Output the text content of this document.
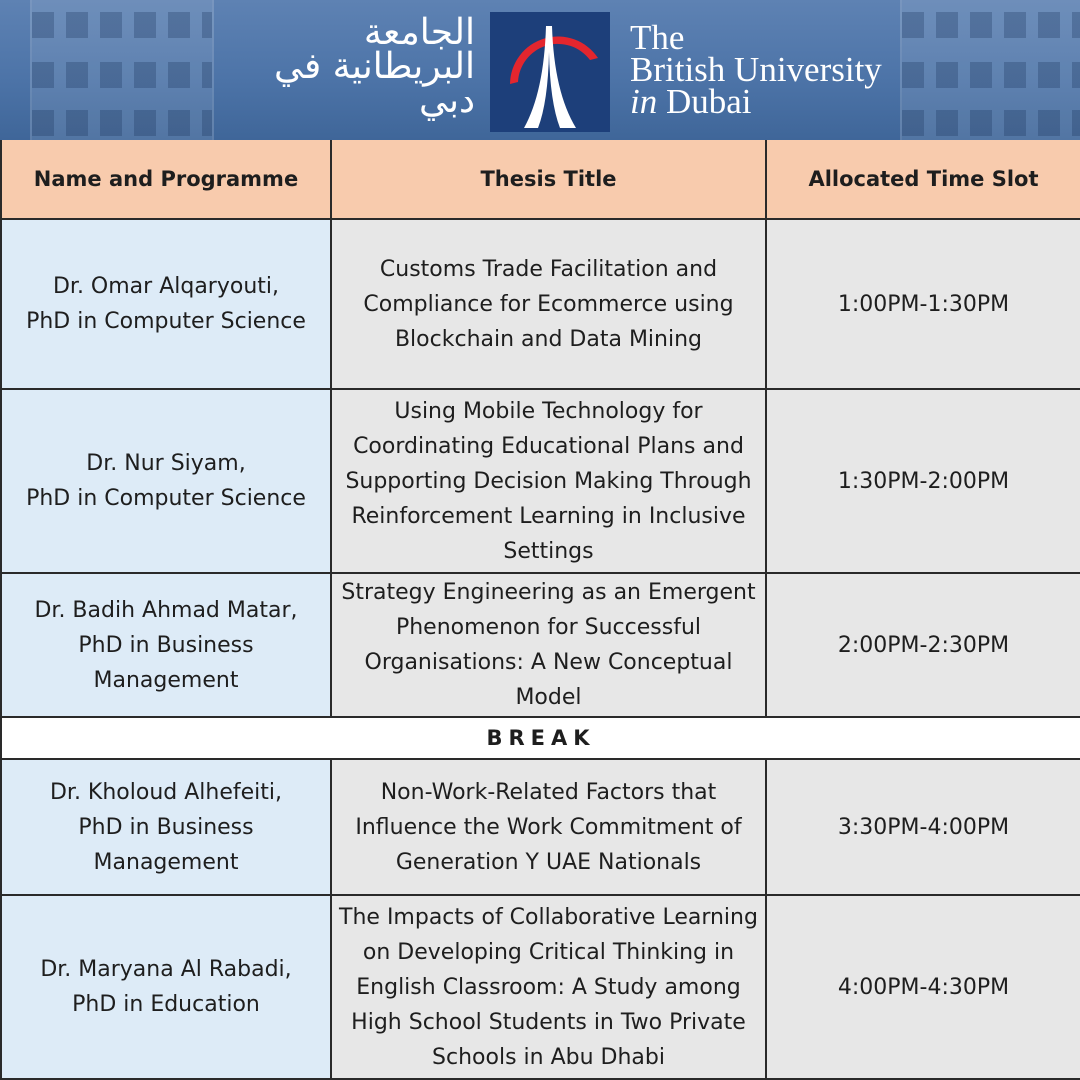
الجامعة
البريطانية في
دبي
The
British University
in Dubai
Name and Programme	Thesis Title	Allocated Time Slot
Dr. Omar Alqaryouti,
PhD in Computer Science
Customs Trade Facilitation and
Compliance for Ecommerce using
Blockchain and Data Mining
1:00PM-1:30PM
Dr. Nur Siyam,
PhD in Computer Science
Using Mobile Technology for
Coordinating Educational Plans and
Supporting Decision Making Through
Reinforcement Learning in Inclusive
Settings
1:30PM-2:00PM
Dr. Badih Ahmad Matar,
PhD in Business
Management
Strategy Engineering as an Emergent
Phenomenon for Successful
Organisations: A New Conceptual
Model
2:00PM-2:30PM
BREAK
Dr. Kholoud Alhefeiti,
PhD in Business
Management
Non-Work-Related Factors that
Influence the Work Commitment of
Generation Y UAE Nationals
3:30PM-4:00PM
Dr. Maryana Al Rabadi,
PhD in Education
The Impacts of Collaborative Learning
on Developing Critical Thinking in
English Classroom: A Study among
High School Students in Two Private
Schools in Abu Dhabi
4:00PM-4:30PM
